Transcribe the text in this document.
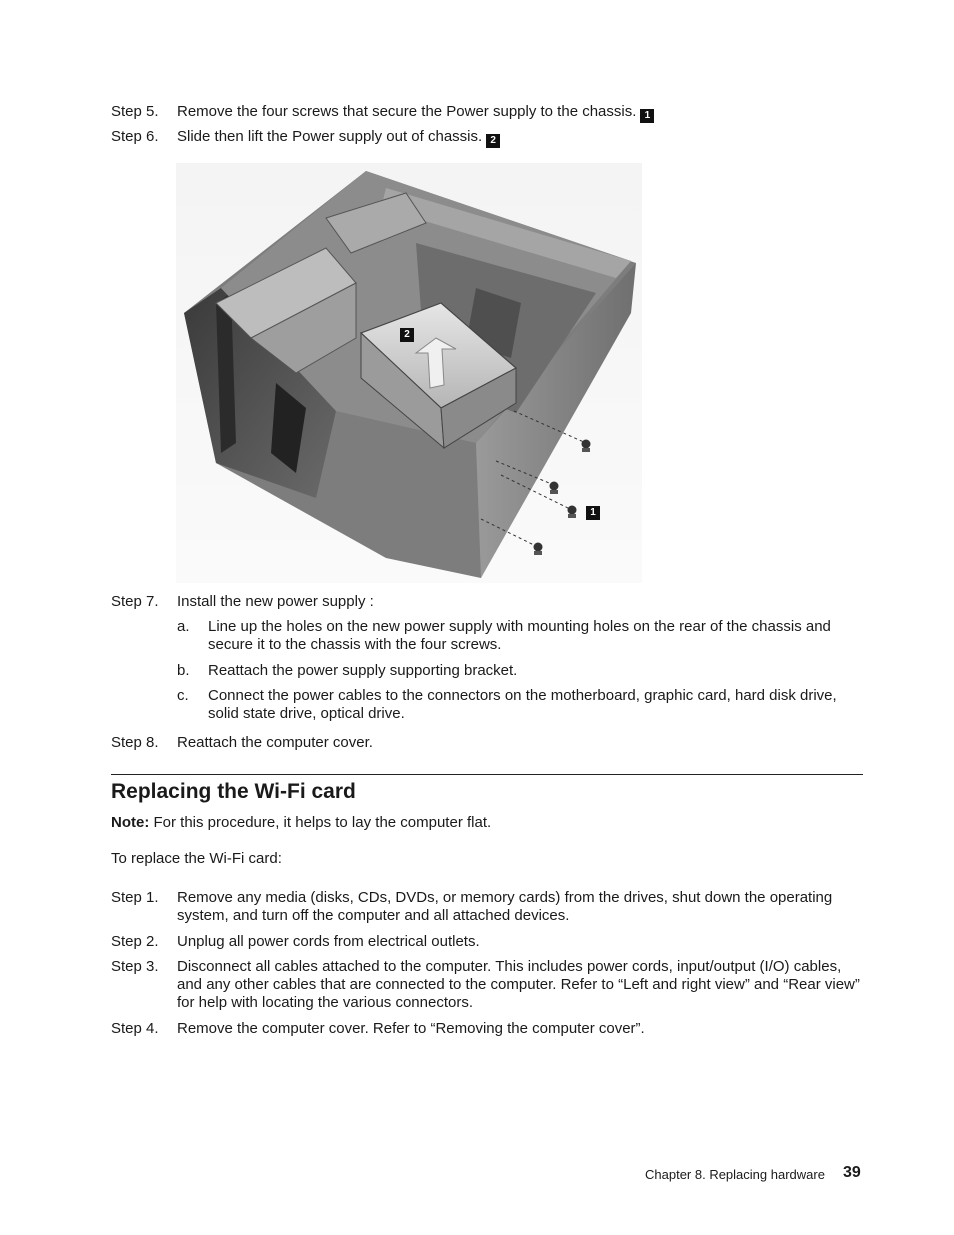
Step 5.	Remove the four screws that secure the Power supply to the chassis. 1
Step 6.	Slide then lift the Power supply out of chassis. 2
2
1
Step 7.	Install the new power supply :
a.	Line up the holes on the new power supply with mounting holes on the rear of the chassis and secure it to the chassis with the four screws.
b.	Reattach the power supply supporting bracket.
c.	Connect the power cables to the connectors on the motherboard, graphic card, hard disk drive, solid state drive, optical drive.
Step 8.	Reattach the computer cover.
Replacing the Wi-Fi card
Note: For this procedure, it helps to lay the computer flat.
To replace the Wi-Fi card:
Step 1.	Remove any media (disks, CDs, DVDs, or memory cards) from the drives, shut down the operating system, and turn off the computer and all attached devices.
Step 2.	Unplug all power cords from electrical outlets.
Step 3.	Disconnect all cables attached to the computer. This includes power cords, input/output (I/O) cables, and any other cables that are connected to the computer. Refer to “Left and right view” and “Rear view” for help with locating the various connectors.
Step 4.	Remove the computer cover. Refer to “Removing the computer cover”.
Chapter 8. Replacing hardware 39
